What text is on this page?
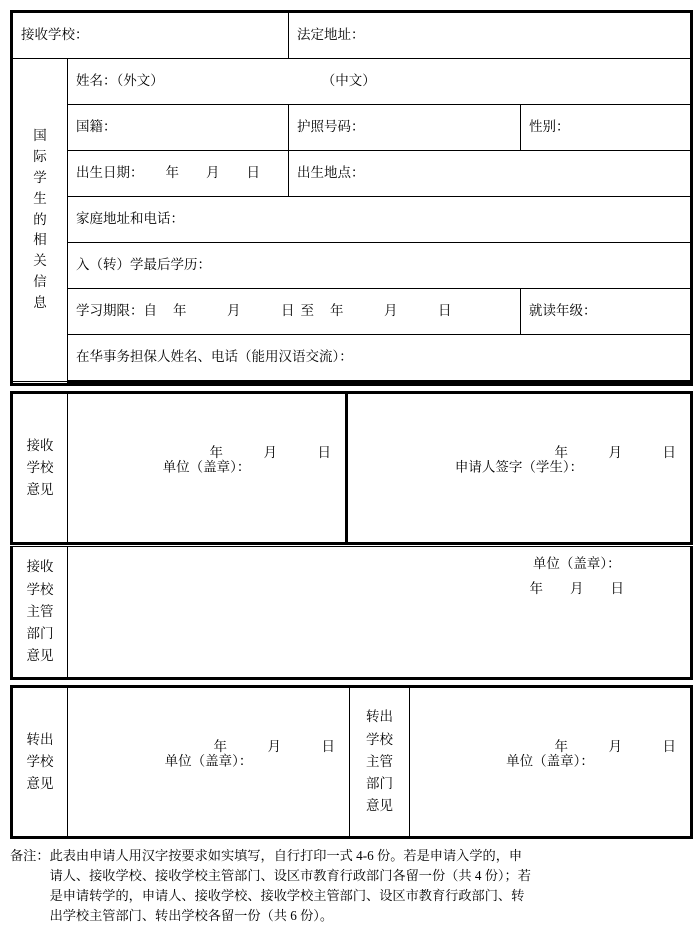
接收学校：		法定地址：	

国
际
学
生
的
相
关
信
息

姓名：（外文）	（中文）

	国籍：	护照号码：	性别：

	出生日期： 年　　月　　日	出生地点：	

	家庭地址和电话：		

	入（转）学最后学历：		

	学习期限：自 年　　　月　　　日 至 年　　　月　　　日		就读年级：

	在华事务担保人姓名、电话（能用汉语交流）：		

接收
学校
意见

单位（盖章）：
年　　　月　　　日

申请人签字（学生）：
年　　　月　　　日
接收
学校
主管
部门
意见

单位（盖章）：
年　　月　　日
转出
学校
意见

单位（盖章）：
年　　　月　　　日

转出
学校
主管
部门
意见

单位（盖章）：
年　　　月　　　日
备注： 此表由申请人用汉字按要求如实填写，自行打印一式 4-6 份。若是申请入学的，申
请人、接收学校、接收学校主管部门、设区市教育行政部门各留一份（共 4 份）；若
是申请转学的，申请人、接收学校、接收学校主管部门、设区市教育行政部门、转
出学校主管部门、转出学校各留一份（共 6 份）。
